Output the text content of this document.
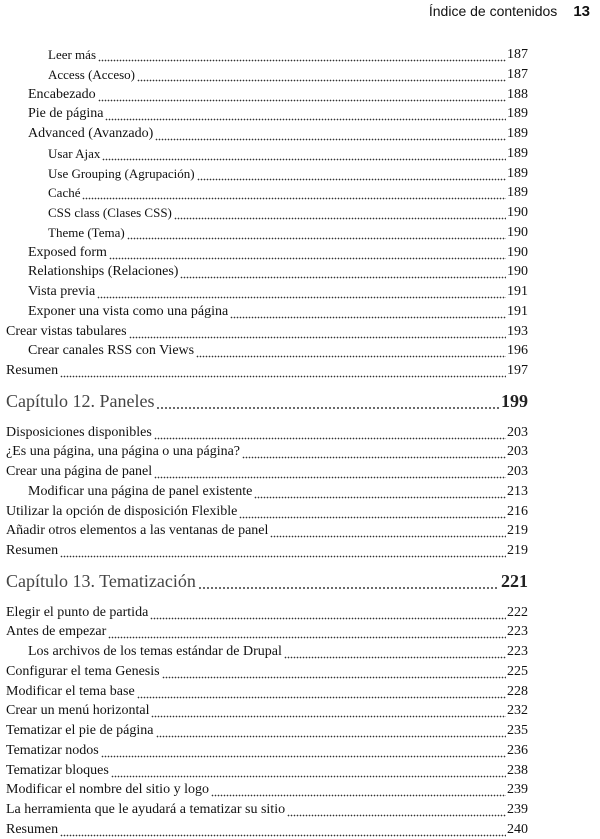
Índice de contenidos 13
Leer más	187
Access (Acceso)	187
Encabezado	188
Pie de página	189
Advanced (Avanzado)	189
Usar Ajax	189
Use Grouping (Agrupación)	189
Caché	189
CSS class (Clases CSS)	190
Theme (Tema)	190
Exposed form	190
Relationships (Relaciones)	190
Vista previa	191
Exponer una vista como una página	191
Crear vistas tabulares	193
Crear canales RSS con Views	196
Resumen	197
Capítulo 12. Paneles	199
Disposiciones disponibles	203
¿Es una página, una página o una página?	203
Crear una página de panel	203
Modificar una página de panel existente	213
Utilizar la opción de disposición Flexible	216
Añadir otros elementos a las ventanas de panel	219
Resumen	219
Capítulo 13. Tematización	221
Elegir el punto de partida	222
Antes de empezar	223
Los archivos de los temas estándar de Drupal	223
Configurar el tema Genesis	225
Modificar el tema base	228
Crear un menú horizontal	232
Tematizar el pie de página	235
Tematizar nodos	236
Tematizar bloques	238
Modificar el nombre del sitio y logo	239
La herramienta que le ayudará a tematizar su sitio	239
Resumen	240
